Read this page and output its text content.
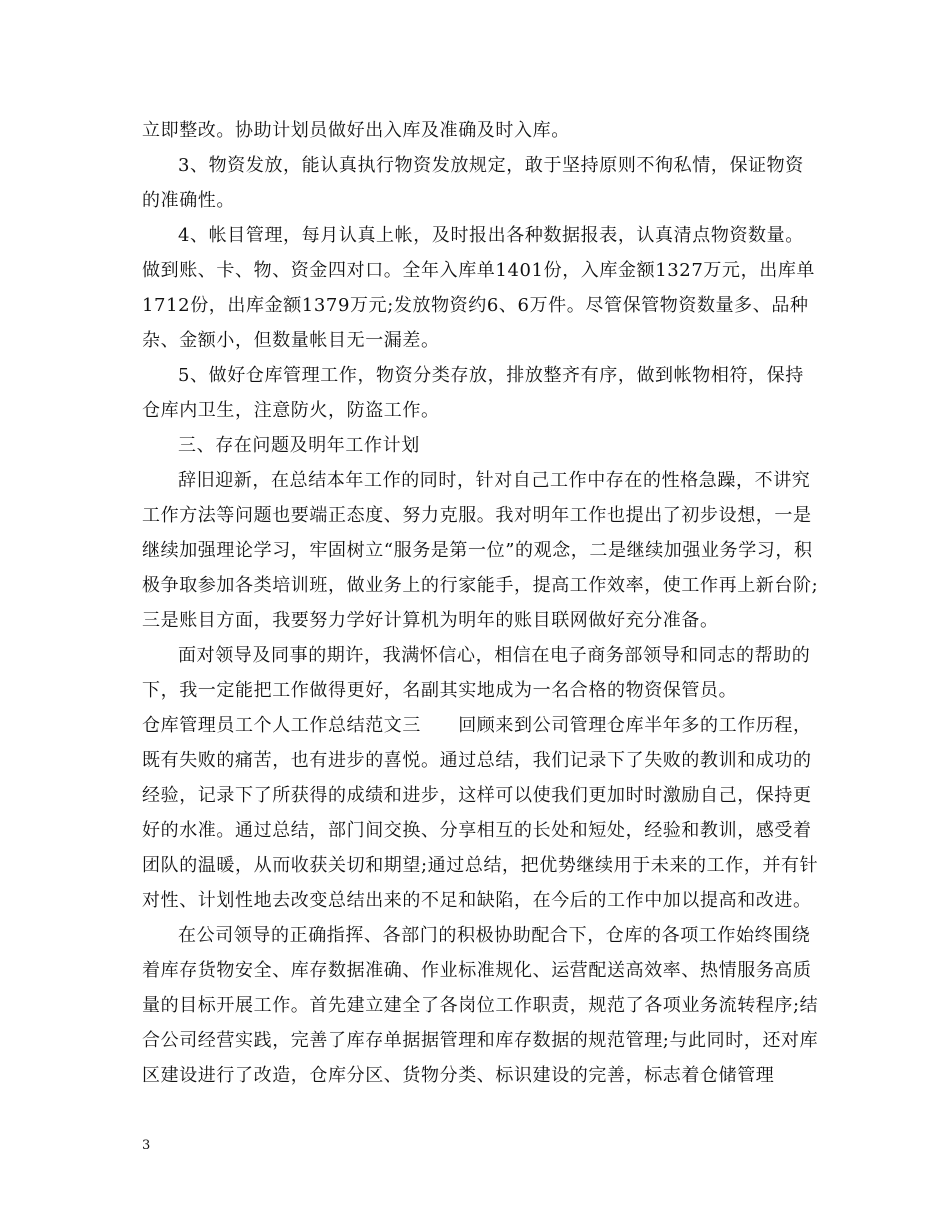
立即整改。协助计划员做好出入库及准确及时入库。

3、物资发放，能认真执行物资发放规定，敢于坚持原则不徇私情，保证物资的准确性。

4、帐目管理，每月认真上帐，及时报出各种数据报表，认真清点物资数量。做到账、卡、物、资金四对口。全年入库单1401份，入库金额1327万元，出库单1712份，出库金额1379万元;发放物资约6、6万件。尽管保管物资数量多、品种杂、金额小，但数量帐目无一漏差。

5、做好仓库管理工作，物资分类存放，排放整齐有序，做到帐物相符，保持仓库内卫生，注意防火，防盗工作。

三、存在问题及明年工作计划

辞旧迎新，在总结本年工作的同时，针对自己工作中存在的性格急躁，不讲究工作方法等问题也要端正态度、努力克服。我对明年工作也提出了初步设想，一是继续加强理论学习，牢固树立“服务是第一位”的观念，二是继续加强业务学习，积极争取参加各类培训班，做业务上的行家能手，提高工作效率，使工作再上新台阶;三是账目方面，我要努力学好计算机为明年的账目联网做好充分准备。

面对领导及同事的期许，我满怀信心，相信在电子商务部领导和同志的帮助的下，我一定能把工作做得更好，名副其实地成为一名合格的物资保管员。

仓库管理员工个人工作总结范文三　　回顾来到公司管理仓库半年多的工作历程，既有失败的痛苦，也有进步的喜悦。通过总结，我们记录下了失败的教训和成功的经验，记录下了所获得的成绩和进步，这样可以使我们更加时时激励自己，保持更好的水准。通过总结，部门间交换、分享相互的长处和短处，经验和教训，感受着团队的温暖，从而收获关切和期望;通过总结，把优势继续用于未来的工作，并有针对性、计划性地去改变总结出来的不足和缺陷，在今后的工作中加以提高和改进。

在公司领导的正确指挥、各部门的积极协助配合下，仓库的各项工作始终围绕着库存货物安全、库存数据准确、作业标准规化、运营配送高效率、热情服务高质量的目标开展工作。首先建立建全了各岗位工作职责，规范了各项业务流转程序;结合公司经营实践，完善了库存单据据管理和库存数据的规范管理;与此同时，还对库区建设进行了改造，仓库分区、货物分类、标识建设的完善，标志着仓储管理

3
